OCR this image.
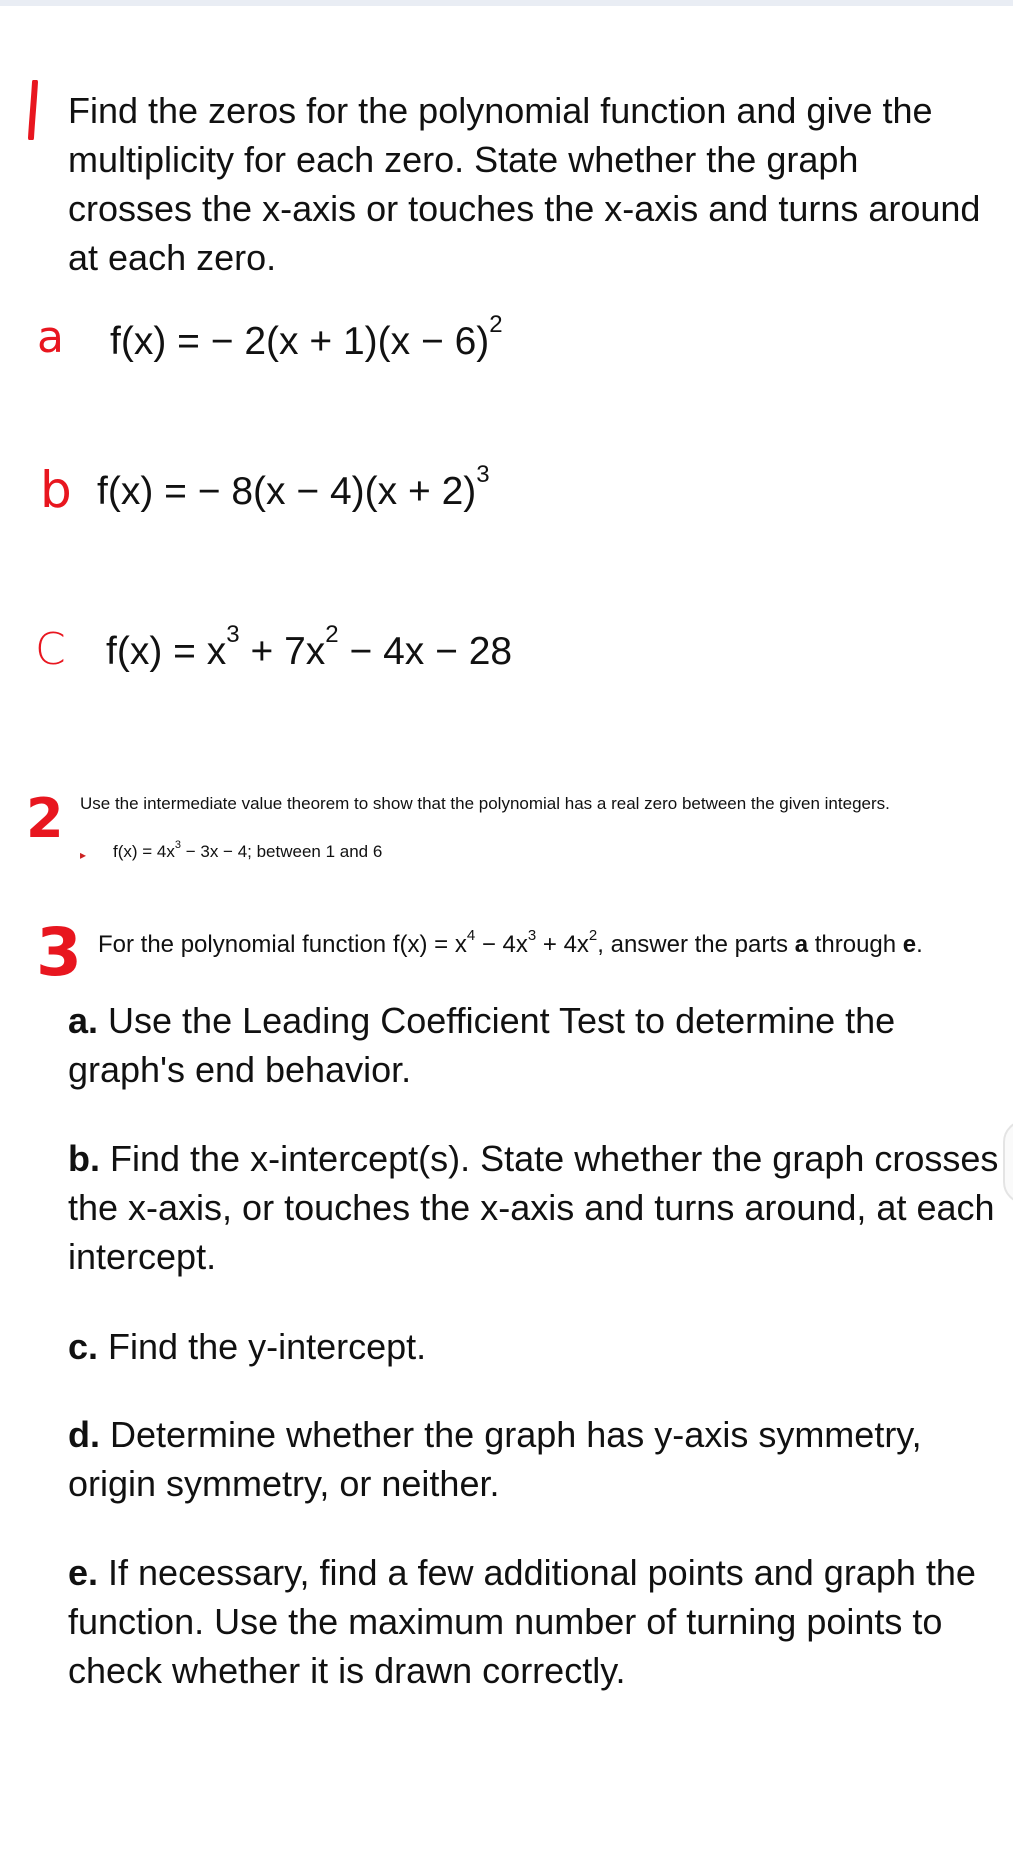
Find the zeros for the polynomial function and give the multiplicity for each zero. State whether the graph crosses the x-axis or touches the x-axis and turns around at each zero.
a f(x) = − $2(x + 1)(x - 6)^2$
b f(x) = − $8(x - 4)(x + 2)^3$
C $f(x) = x^3 + 7x^2 - 4x - 28$
2 Use the intermediate value theorem to show that the polynomial has a real zero between the given integers.
▸ $f(x) = 4x^3 - 3x - 4$; between 1 and 6
3 For the polynomial function $f(x) = x^4 - 4x^3 + 4x^2$, answer the parts a through e.
a. Use the Leading Coefficient Test to determine the graph's end behavior.
b. Find the x-intercept(s). State whether the graph crosses the x-axis, or touches the x-axis and turns around, at each intercept.
c. Find the y-intercept.
d. Determine whether the graph has y-axis symmetry, origin symmetry, or neither.
e. If necessary, find a few additional points and graph the function. Use the maximum number of turning points to check whether it is drawn correctly.
